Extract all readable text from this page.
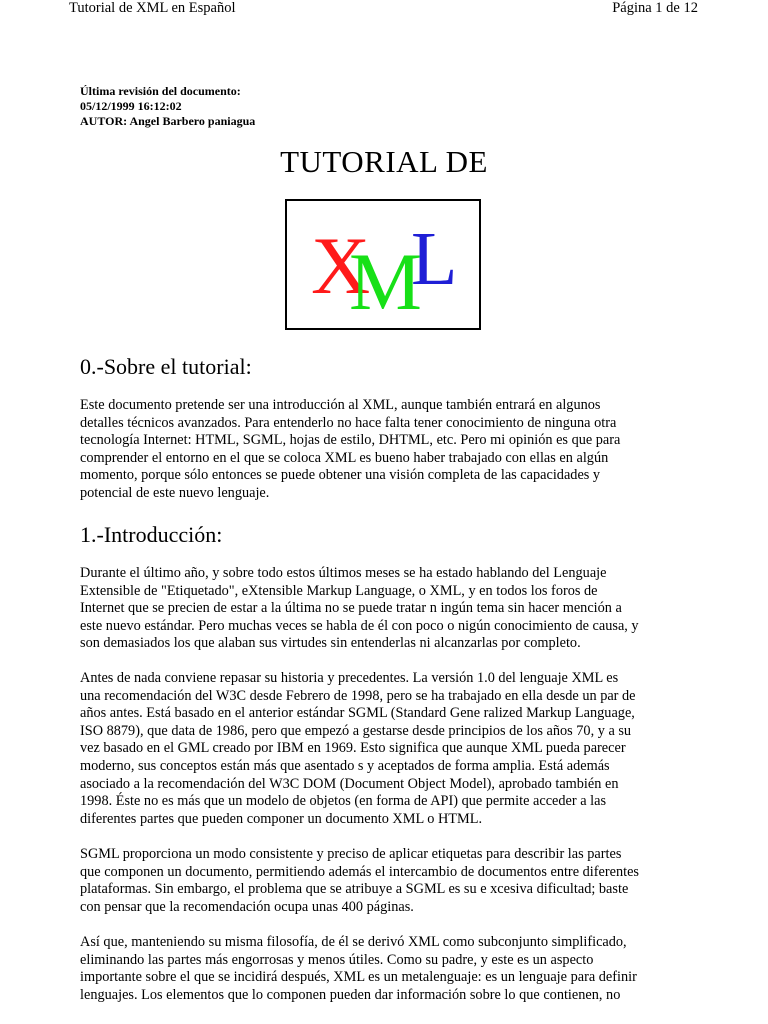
Tutorial de XML en Español	Página 1 de 12
Última revisión del documento:
05/12/1999 16:12:02
AUTOR: Angel Barbero paniagua
TUTORIAL DE
X
M
L
0.-Sobre el tutorial:

Este documento pretende ser una introducción al XML, aunque también entrará en algunos
detalles técnicos avanzados. Para entenderlo no hace falta tener conocimiento de ninguna otra
tecnología Internet: HTML, SGML, hojas de estilo, DHTML, etc. Pero mi opinión es que para
comprender el entorno en el que se coloca XML es bueno haber trabajado con ellas en algún
momento, porque sólo entonces se puede obtener una visión completa de las capacidades y
potencial de este nuevo lenguaje.

1.-Introducción:

Durante el último año, y sobre todo estos últimos meses se ha estado hablando del Lenguaje
Extensible de "Etiquetado", eXtensible Markup Language, o XML, y en todos los foros de
Internet que se precien de estar a la última no se puede tratar n ingún tema sin hacer mención a
este nuevo estándar. Pero muchas veces se habla de él con poco o nigún conocimiento de causa, y
son demasiados los que alaban sus virtudes sin entenderlas ni alcanzarlas por completo.

Antes de nada conviene repasar su historia y precedentes. La versión 1.0 del lenguaje XML es
una recomendación del W3C desde Febrero de 1998, pero se ha trabajado en ella desde un par de
años antes. Está basado en el anterior estándar SGML (Standard Gene ralized Markup Language,
ISO 8879), que data de 1986, pero que empezó a gestarse desde principios de los años 70, y a su
vez basado en el GML creado por IBM en 1969. Esto significa que aunque XML pueda parecer
moderno, sus conceptos están más que asentado s y aceptados de forma amplia. Está además
asociado a la recomendación del W3C DOM (Document Object Model), aprobado también en
1998. Éste no es más que un modelo de objetos (en forma de API) que permite acceder a las
diferentes partes que pueden componer un documento XML o HTML.

SGML proporciona un modo consistente y preciso de aplicar etiquetas para describir las partes
que componen un documento, permitiendo además el intercambio de documentos entre diferentes
plataformas. Sin embargo, el problema que se atribuye a SGML es su e xcesiva dificultad; baste
con pensar que la recomendación ocupa unas 400 páginas.

Así que, manteniendo su misma filosofía, de él se derivó XML como subconjunto simplificado,
eliminando las partes más engorrosas y menos útiles. Como su padre, y este es un aspecto
importante sobre el que se incidirá después, XML es un metalenguaje: es un lenguaje para definir
lenguajes. Los elementos que lo componen pueden dar información sobre lo que contienen, no
